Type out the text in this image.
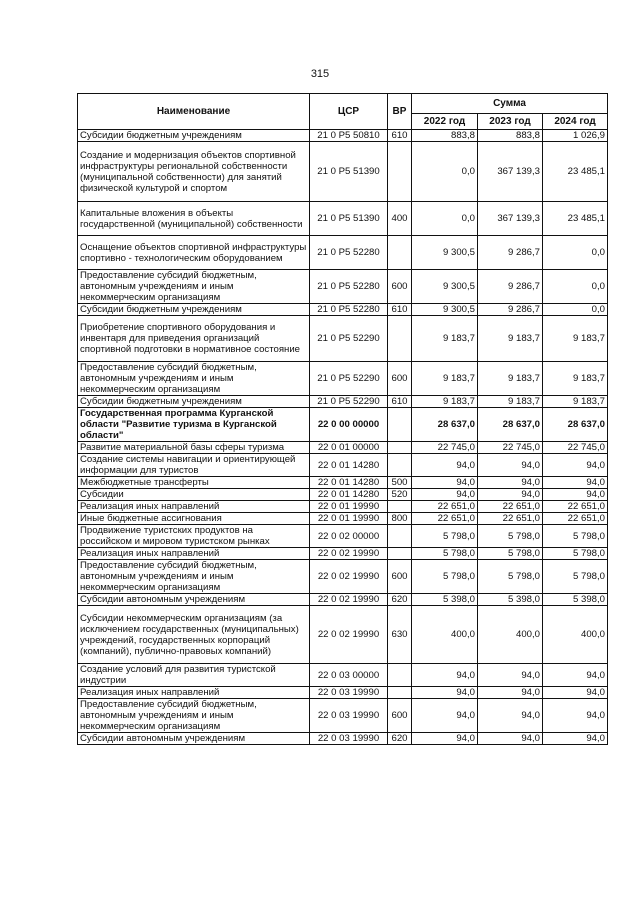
315
Наименование	ЦСР	ВР	Сумма		
			2022 год	2023 год	2024 год
Субсидии бюджетным учреждениям	21 0 P5 50810	610	883,8	883,8	1 026,9
Создание и модернизация объектов спортивной инфраструктуры региональной собственности (муниципальной собственности) для занятий физической культурой и спортом	21 0 P5 51390		0,0	367 139,3	23 485,1
Капитальные вложения в объекты государственной (муниципальной) собственности	21 0 P5 51390	400	0,0	367 139,3	23 485,1
Оснащение объектов спортивной инфраструктуры спортивно - технологическим оборудованием	21 0 P5 52280		9 300,5	9 286,7	0,0
Предоставление субсидий бюджетным, автономным учреждениям и иным некоммерческим организациям	21 0 P5 52280	600	9 300,5	9 286,7	0,0
Субсидии бюджетным учреждениям	21 0 P5 52280	610	9 300,5	9 286,7	0,0
Приобретение спортивного оборудования и инвентаря для приведения организаций спортивной подготовки в нормативное состояние	21 0 P5 52290		9 183,7	9 183,7	9 183,7
Предоставление субсидий бюджетным, автономным учреждениям и иным некоммерческим организациям	21 0 P5 52290	600	9 183,7	9 183,7	9 183,7
Субсидии бюджетным учреждениям	21 0 P5 52290	610	9 183,7	9 183,7	9 183,7
Государственная программа Курганской области "Развитие туризма в Курганской области"	22 0 00 00000		28 637,0	28 637,0	28 637,0
Развитие материальной базы сферы туризма	22 0 01 00000		22 745,0	22 745,0	22 745,0
Создание системы навигации и ориентирующей информации для туристов	22 0 01 14280		94,0	94,0	94,0
Межбюджетные трансферты	22 0 01 14280	500	94,0	94,0	94,0
Субсидии	22 0 01 14280	520	94,0	94,0	94,0
Реализация иных направлений	22 0 01 19990		22 651,0	22 651,0	22 651,0
Иные бюджетные ассигнования	22 0 01 19990	800	22 651,0	22 651,0	22 651,0
Продвижение туристских продуктов на российском и мировом туристском рынках	22 0 02 00000		5 798,0	5 798,0	5 798,0
Реализация иных направлений	22 0 02 19990		5 798,0	5 798,0	5 798,0
Предоставление субсидий бюджетным, автономным учреждениям и иным некоммерческим организациям	22 0 02 19990	600	5 798,0	5 798,0	5 798,0
Субсидии автономным учреждениям	22 0 02 19990	620	5 398,0	5 398,0	5 398,0
Субсидии некоммерческим организациям (за исключением государственных (муниципальных) учреждений, государственных корпораций (компаний), публично-правовых компаний)	22 0 02 19990	630	400,0	400,0	400,0
Создание условий для развития туристской индустрии	22 0 03 00000		94,0	94,0	94,0
Реализация иных направлений	22 0 03 19990		94,0	94,0	94,0
Предоставление субсидий бюджетным, автономным учреждениям и иным некоммерческим организациям	22 0 03 19990	600	94,0	94,0	94,0
Субсидии автономным учреждениям	22 0 03 19990	620	94,0	94,0	94,0
